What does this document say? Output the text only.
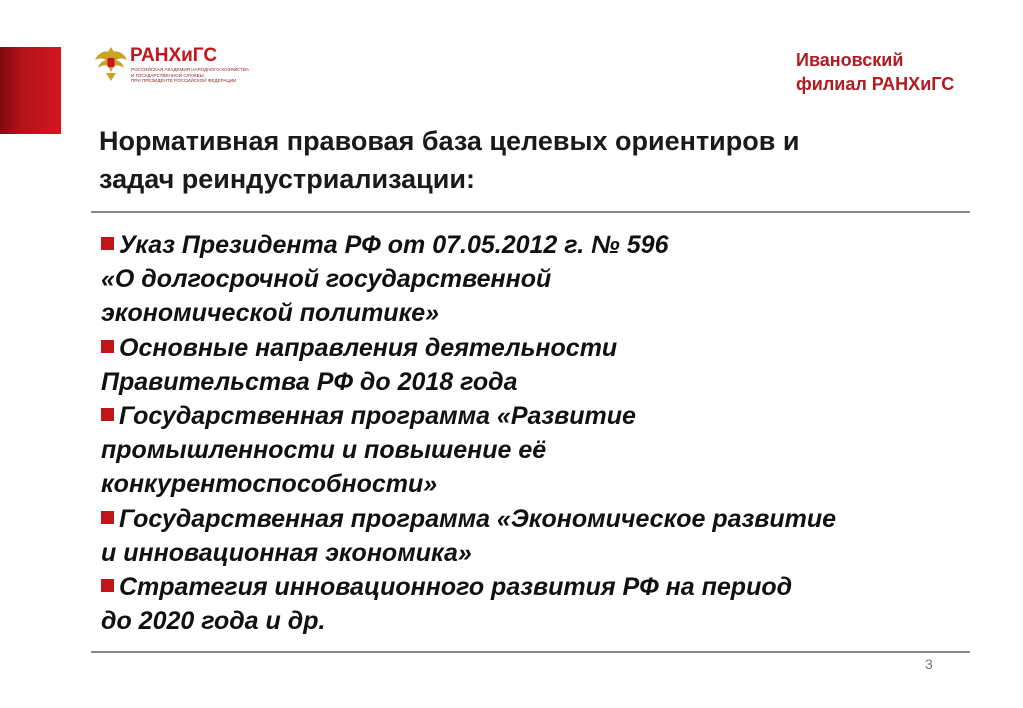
РАНХиГС
РОССИЙСКАЯ АКАДЕМИЯ НАРОДНОГО ХОЗЯЙСТВА
И ГОСУДАРСТВЕННОЙ СЛУЖБЫ
ПРИ ПРЕЗИДЕНТЕ РОССИЙСКОЙ ФЕДЕРАЦИИ
Ивановский
филиал РАНХиГС
Нормативная правовая база целевых ориентиров и
задач реиндустриализации:
Указ Президента РФ от 07.05.2012 г. № 596
«О долгосрочной государственной
экономической политике»
Основные направления деятельности
Правительства РФ до 2018 года
Государственная программа «Развитие
промышленности и повышение её
конкурентоспособности»
Государственная программа «Экономическое развитие
и инновационная экономика»
Стратегия инновационного развития РФ на период
до 2020 года и др.
3
